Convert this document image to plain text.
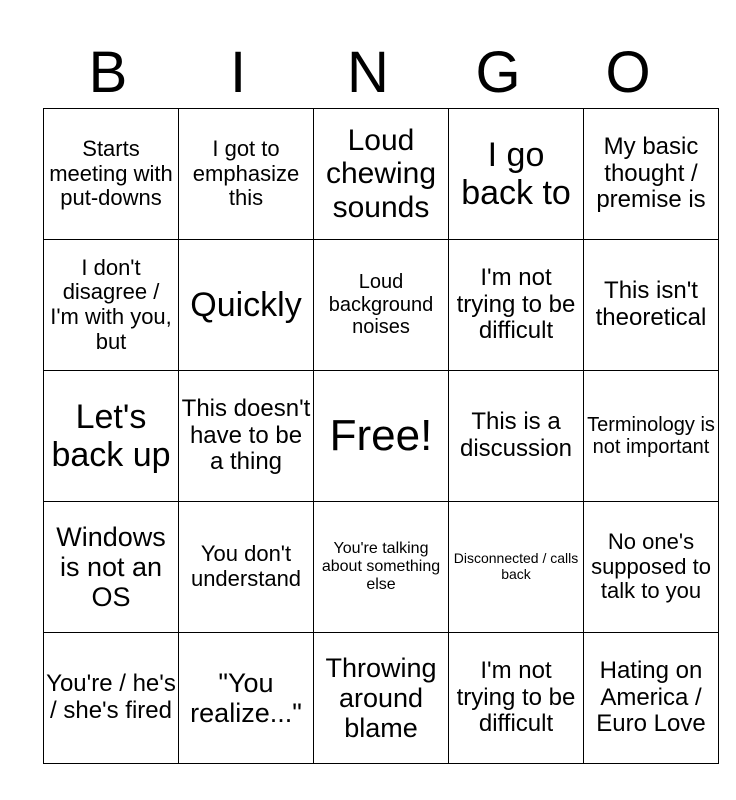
B	I	N	G	O
Starts meeting with put-downs	I got to emphasize this	Loud chewing sounds	I go back to	My basic thought / premise is
I don't disagree / I'm with you, but	Quickly	Loud background noises	I'm not trying to be difficult	This isn't theoretical
Let's back up	This doesn't have to be a thing	Free!	This is a discussion	Terminology is not important
Windows is not an OS	You don't understand	You're talking about something else	Disconnected / calls back	No one's supposed to talk to you
You're / he's / she's fired	"You realize..."	Throwing around blame	I'm not trying to be difficult	Hating on America / Euro Love
